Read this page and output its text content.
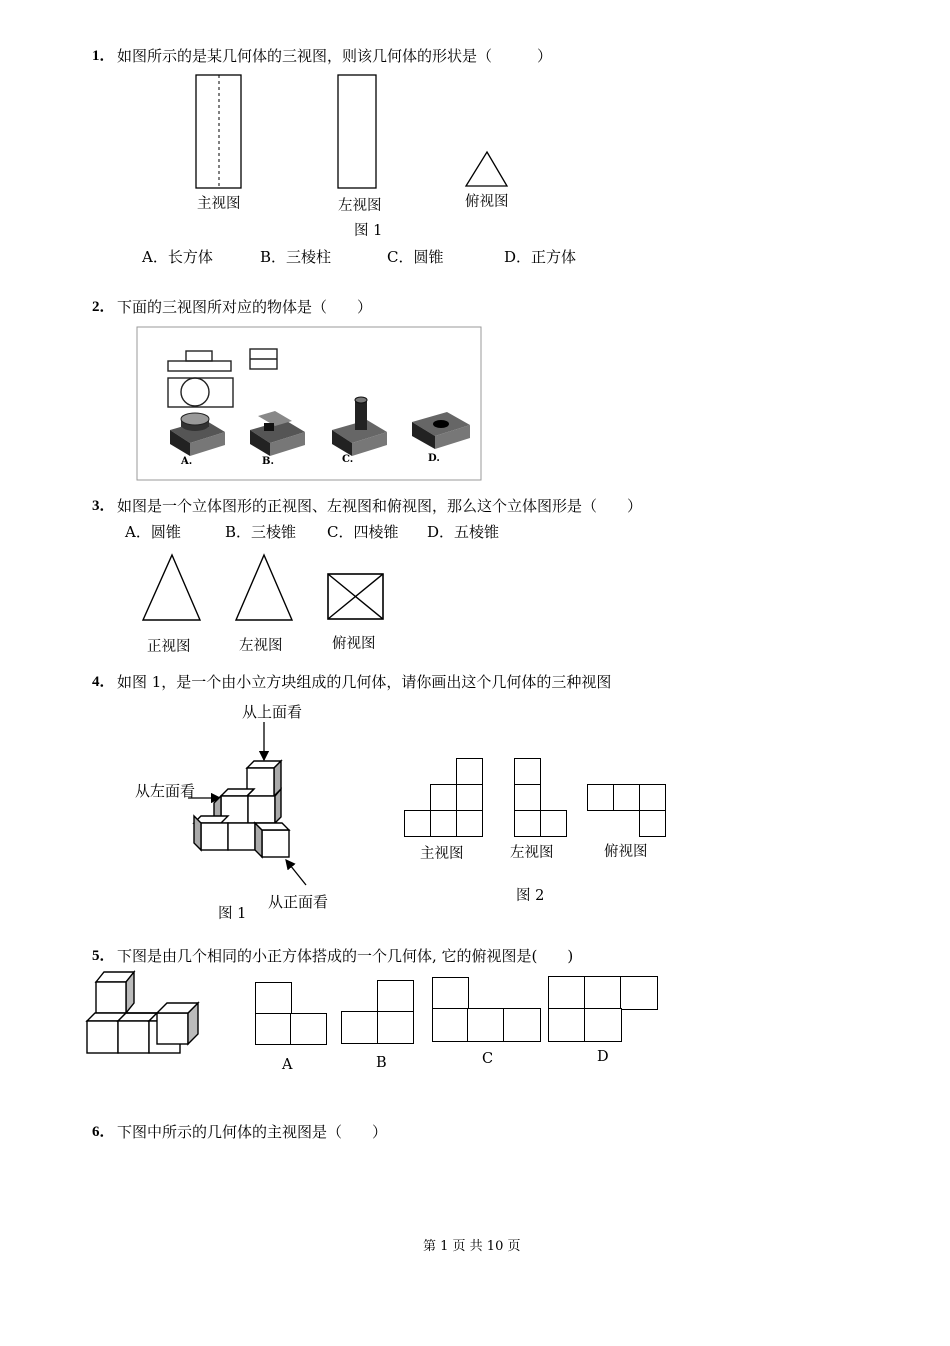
1． 如图所示的是某几何体的三视图，则该几何体的形状是（　　　）
主视图	左视图	俯视图
图 1
A．长方体	B．三棱柱	C．圆锥	D．正方体
2． 下面的三视图所对应的物体是（　　）
A.	B.	C.	D.
3． 如图是一个立体图形的正视图、左视图和俯视图，那么这个立体图形是（　　）
A．圆锥	B．三棱锥 C．四棱锥 D．五棱锥
正视图	左视图	俯视图
4． 如图 1，是一个由小立方块组成的几何体，请你画出这个几何体的三种视图
从上面看
从左面看
从正面看
图 1
主视图	左视图	俯视图
图 2
5． 下图是由几个相同的小正方体搭成的一个几何体, 它的俯视图是(　　)
A	B	C	D
6． 下图中所示的几何体的主视图是（　　）
第 1 页 共 10 页
